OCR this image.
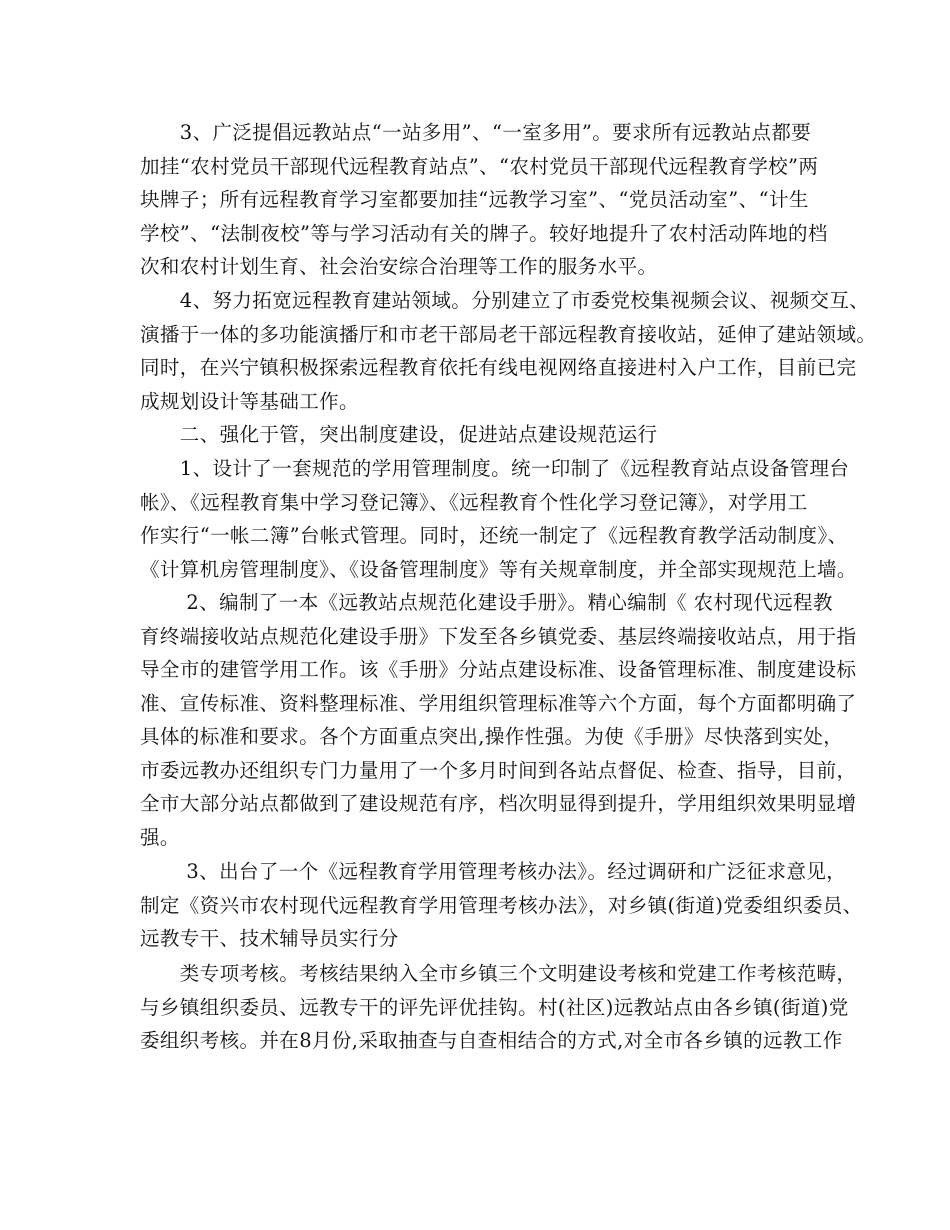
　　3、广泛提倡远教站点“一站多用”、“一室多用”。要求所有远教站点都要
加挂“农村党员干部现代远程教育站点”、“农村党员干部现代远程教育学校”两
块牌子；所有远程教育学习室都要加挂“远教学习室”、“党员活动室”、“计生
学校”、“法制夜校”等与学习活动有关的牌子。较好地提升了农村活动阵地的档
次和农村计划生育、社会治安综合治理等工作的服务水平。
　　4、努力拓宽远程教育建站领域。分别建立了市委党校集视频会议、视频交互、
演播于一体的多功能演播厅和市老干部局老干部远程教育接收站，延伸了建站领域。
同时，在兴宁镇积极探索远程教育依托有线电视网络直接进村入户工作，目前已完
成规划设计等基础工作。
　　二、强化于管，突出制度建设，促进站点建设规范运行
　　1、设计了一套规范的学用管理制度。统一印制了《远程教育站点设备管理台
帐》、《远程教育集中学习登记簿》、《远程教育个性化学习登记簿》，对学用工
作实行“一帐二簿”台帐式管理。同时，还统一制定了《远程教育教学活动制度》、
《计算机房管理制度》、《设备管理制度》等有关规章制度，并全部实现规范上墙。
　　 2、编制了一本《远教站点规范化建设手册》。精心编制《 农村现代远程教
育终端接收站点规范化建设手册》下发至各乡镇党委、基层终端接收站点，用于指
导全市的建管学用工作。该《手册》分站点建设标准、设备管理标准、制度建设标
准、宣传标准、资料整理标准、学用组织管理标准等六个方面，每个方面都明确了
具体的标准和要求。各个方面重点突出,操作性强。为使《手册》尽快落到实处，
市委远教办还组织专门力量用了一个多月时间到各站点督促、检查、指导，目前，
全市大部分站点都做到了建设规范有序，档次明显得到提升，学用组织效果明显增
强。
　　 3、出台了一个《远程教育学用管理考核办法》。经过调研和广泛征求意见，
制定《资兴市农村现代远程教育学用管理考核办法》，对乡镇(街道)党委组织委员、
远教专干、技术辅导员实行分
　　类专项考核。考核结果纳入全市乡镇三个文明建设考核和党建工作考核范畴，
与乡镇组织委员、远教专干的评先评优挂钩。村(社区)远教站点由各乡镇(街道)党
委组织考核。并在8月份,采取抽查与自查相结合的方式,对全市各乡镇的远教工作
